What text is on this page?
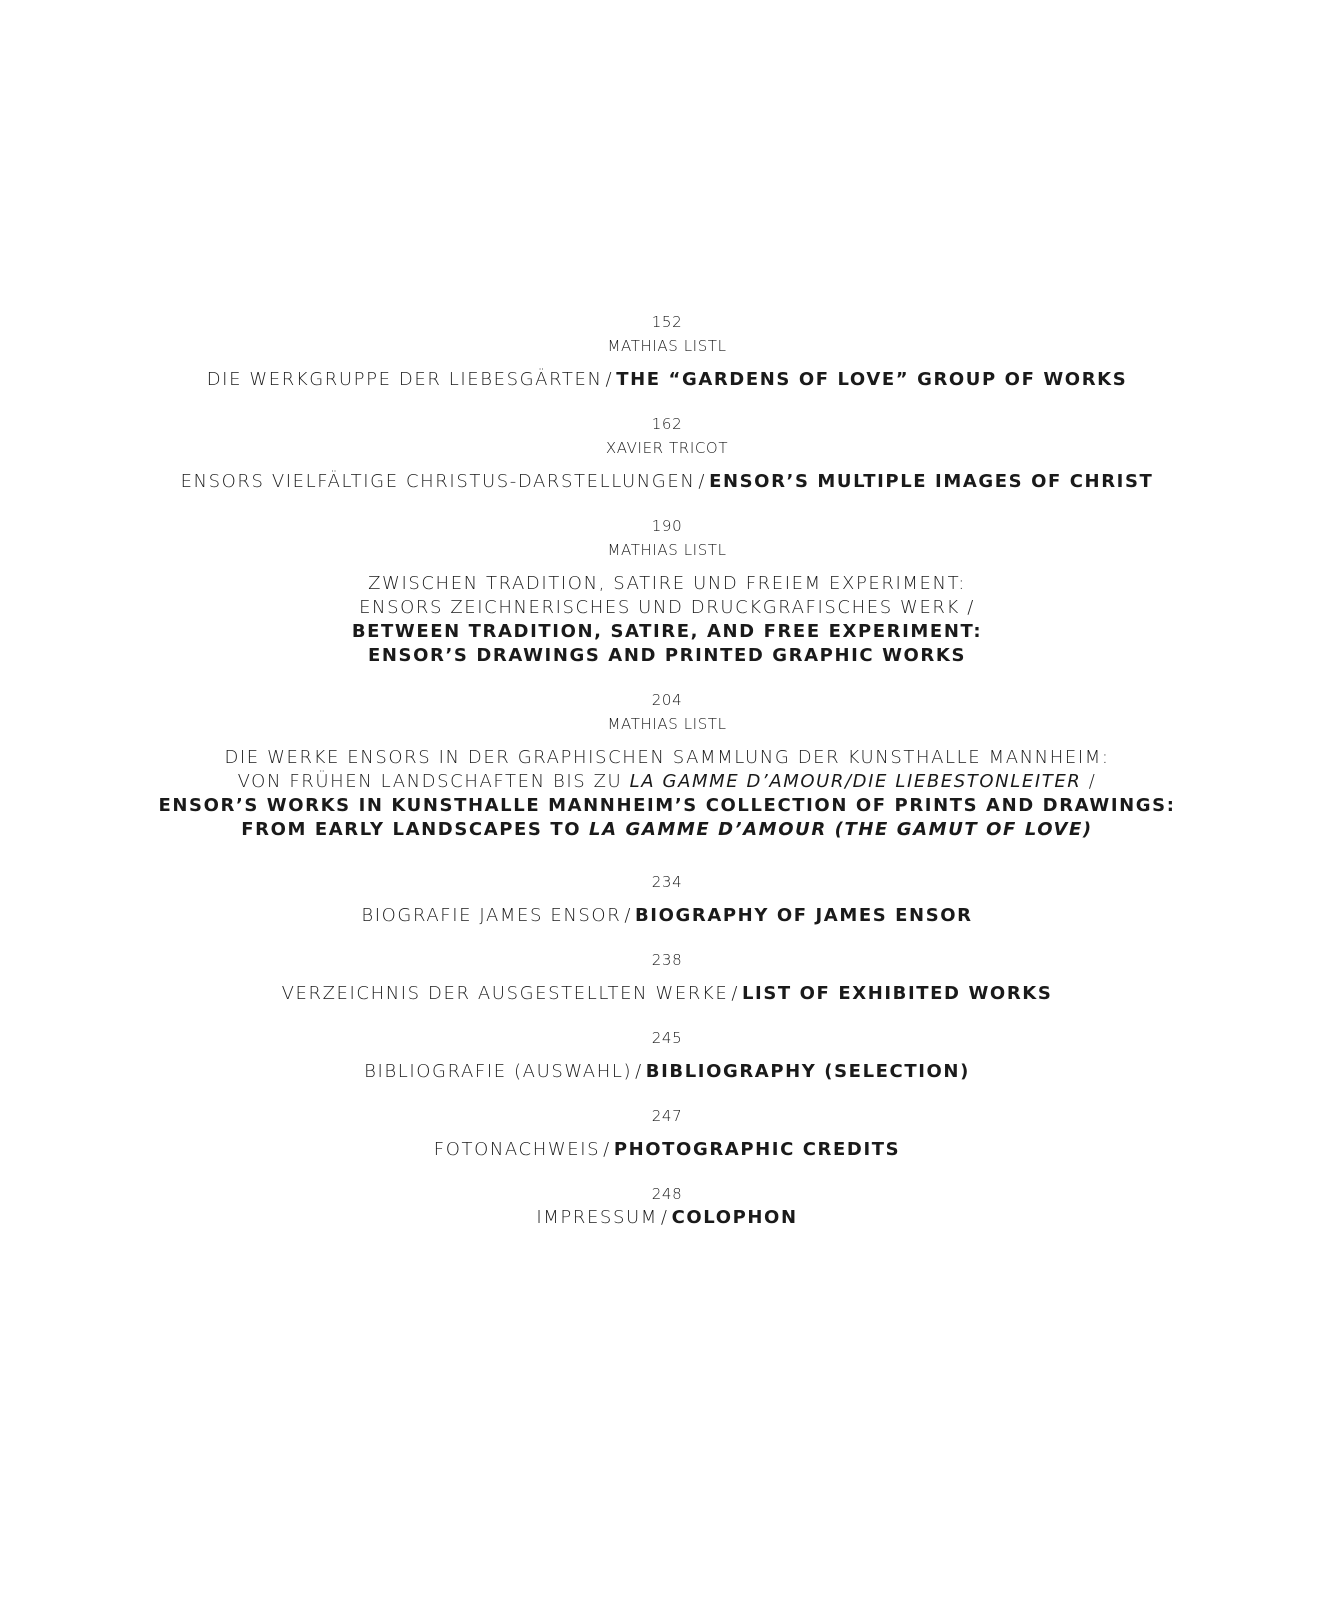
152
MATHIAS LISTL
DIE WERKGRUPPE DER LIEBESGÄRTEN / THE “GARDENS OF LOVE” GROUP OF WORKS
162
XAVIER TRICOT
ENSORS VIELFÄLTIGE CHRISTUS-DARSTELLUNGEN / ENSOR’S MULTIPLE IMAGES OF CHRIST
190
MATHIAS LISTL
ZWISCHEN TRADITION, SATIRE UND FREIEM EXPERIMENT:
ENSORS ZEICHNERISCHES UND DRUCKGRAFISCHES WERK /
BETWEEN TRADITION, SATIRE, AND FREE EXPERIMENT:
ENSOR’S DRAWINGS AND PRINTED GRAPHIC WORKS
204
MATHIAS LISTL
DIE WERKE ENSORS IN DER GRAPHISCHEN SAMMLUNG DER KUNSTHALLE MANNHEIM:
VON FRÜHEN LANDSCHAFTEN BIS ZU LA GAMME D’AMOUR/DIE LIEBESTONLEITER /
ENSOR’S WORKS IN KUNSTHALLE MANNHEIM’S COLLECTION OF PRINTS AND DRAWINGS:
FROM EARLY LANDSCAPES TO LA GAMME D’AMOUR (THE GAMUT OF LOVE)
234
BIOGRAFIE JAMES ENSOR / BIOGRAPHY OF JAMES ENSOR
238
VERZEICHNIS DER AUSGESTELLTEN WERKE / LIST OF EXHIBITED WORKS
245
BIBLIOGRAFIE (AUSWAHL) / BIBLIOGRAPHY (SELECTION)
247
FOTONACHWEIS / PHOTOGRAPHIC CREDITS
248
IMPRESSUM / COLOPHON
